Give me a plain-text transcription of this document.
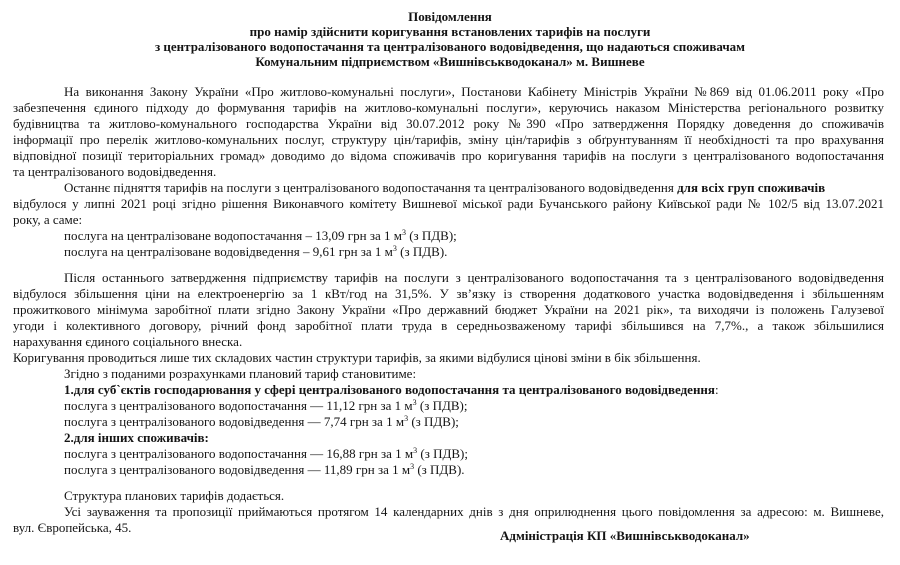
Повідомлення
про намір здійснити коригування встановлених тарифів на послуги
з централізованого водопостачання та централізованого водовідведення, що надаються споживачам
Комунальним підприємством «Вишнівськводоканал» м. Вишневе
На виконання Закону України «Про житлово-комунальні послуги», Постанови Кабінету Міністрів України №869 від 01.06.2011 року «Про
забезпечення єдиного підходу до формування тарифів на житлово-комунальні послуги», керуючись наказом Міністерства регіонального розвитку
будівництва та житлово-комунального господарства України від 30.07.2012 року №390 «Про затвердження Порядку доведення до споживачів
інформації про перелік житлово-комунальних послуг, структуру цін/тарифів, зміну цін/тарифів з обґрунтуванням її необхідності та про врахування
відповідної позиції територіальних громад» доводимо до відома споживачів про коригування тарифів на послуги з централізованого водопостачання
та централізованого водовідведення.
Останнє підняття тарифів на послуги з централізованого водопостачання та централізованого водовідведення для всіх груп споживачів
відбулося у липні 2021 році згідно рішення Виконавчого комітету Вишневої міської ради Бучанського району Київської ради № 102/5 від 13.07.2021
року, а саме:
послуга на централізоване водопостачання – 13,09 грн за 1 $м^3$ (з ПДВ);
послуга на централізоване водовідведення – 9,61 грн за 1 $м^3$ (з ПДВ).
Після останнього затвердження підприємству тарифів на послуги з централізованого водопостачання та з централізованого водовідведення
відбулося збільшення ціни на електроенергію за 1 кВт/год на 31,5%. У зв’язку із створення додаткового участка водовідведення і збільшенням
прожиткового мінімума заробітної плати згідно Закону України «Про державний бюджет України на 2021 рік», та виходячи із положень Галузевої
угоди і колективного договору, річний фонд заробітної плати труда в середньозваженому тарифі збільшився на 7,7%., а також збільшилися
нарахування єдиного соціального внеска.
Коригування проводиться лише тих складових частин структури тарифів, за якими відбулися цінові зміни в бік збільшення.
Згідно з поданими розрахунками плановий тариф становитиме:
1.для суб`єктів господарювання у сфері централізованого водопостачання та централізованого водовідведення:
послуга з централізованого водопостачання — 11,12 грн за 1 $м^3$ (з ПДВ);
послуга з централізованого водовідведення — 7,74 грн за 1 $м^3$ (з ПДВ);
2.для інших споживачів:
послуга з централізованого водопостачання — 16,88 грн за 1 $м^3$ (з ПДВ);
послуга з централізованого водовідведення — 11,89 грн за 1 $м^3$ (з ПДВ).
Структура планових тарифів додається.
Усі зауваження та пропозиції приймаються протягом 14 календарних днів з дня оприлюднення цього повідомлення за адресою: м. Вишневе,
вул. Європейська, 45.
Адміністрація КП «Вишнівськводоканал»
